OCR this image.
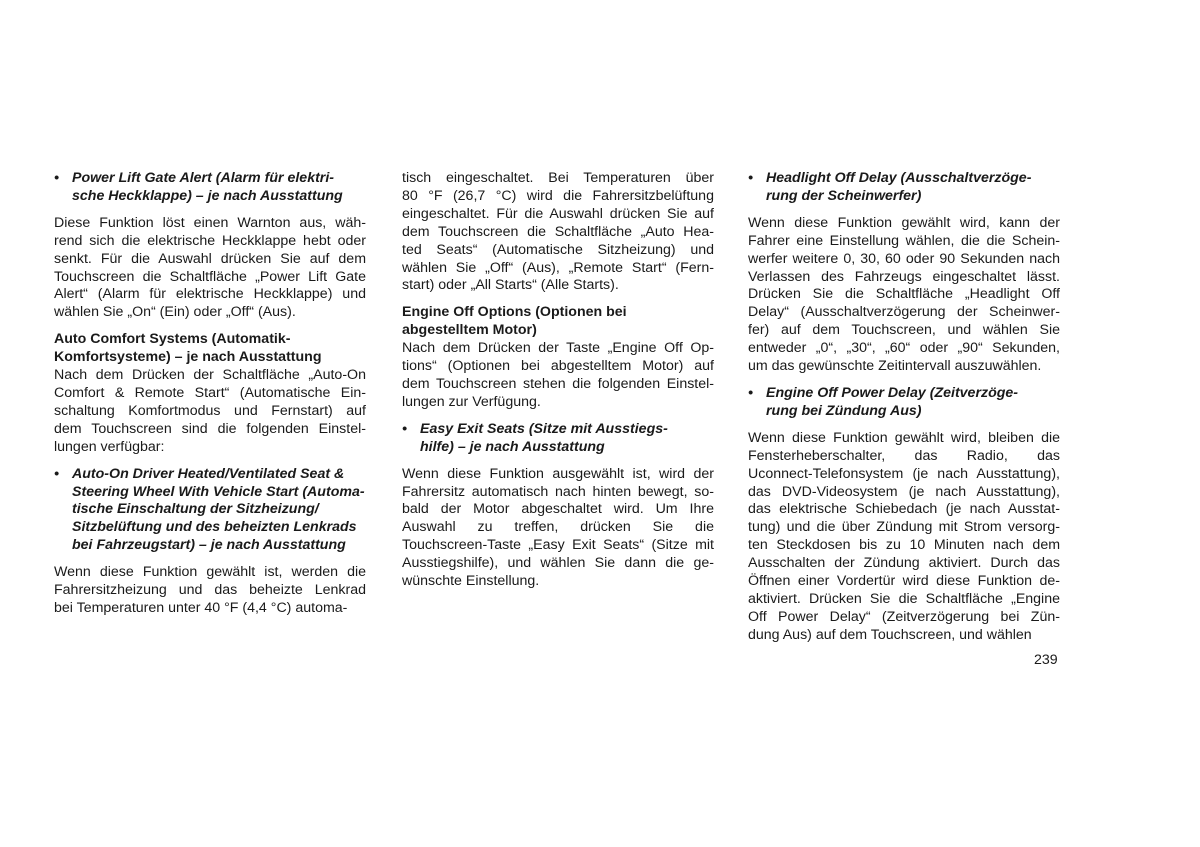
• Power Lift Gate Alert (Alarm für elektri-
sche Heckklappe) – je nach Ausstattung
Diese Funktion löst einen Warnton aus, wäh-
rend sich die elektrische Heckklappe hebt oder
senkt. Für die Auswahl drücken Sie auf dem
Touchscreen die Schaltfläche „Power Lift Gate
Alert“ (Alarm für elektrische Heckklappe) und
wählen Sie „On“ (Ein) oder „Off“ (Aus).
Auto Comfort Systems (Automatik-
Komfortsysteme) – je nach Ausstattung
Nach dem Drücken der Schaltfläche „Auto-On
Comfort & Remote Start“ (Automatische Ein-
schaltung Komfortmodus und Fernstart) auf
dem Touchscreen sind die folgenden Einstel-
lungen verfügbar:
• Auto-On Driver Heated/Ventilated Seat &
Steering Wheel With Vehicle Start (Automa-
tische Einschaltung der Sitzheizung/
Sitzbelüftung und des beheizten Lenkrads
bei Fahrzeugstart) – je nach Ausstattung
Wenn diese Funktion gewählt ist, werden die
Fahrersitzheizung und das beheizte Lenkrad
bei Temperaturen unter 40 °F (4,4 °C) automa-
tisch eingeschaltet. Bei Temperaturen über
80 °F (26,7 °C) wird die Fahrersitzbelüftung
eingeschaltet. Für die Auswahl drücken Sie auf
dem Touchscreen die Schaltfläche „Auto Hea-
ted Seats“ (Automatische Sitzheizung) und
wählen Sie „Off“ (Aus), „Remote Start“ (Fern-
start) oder „All Starts“ (Alle Starts).
Engine Off Options (Optionen bei
abgestelltem Motor)
Nach dem Drücken der Taste „Engine Off Op-
tions“ (Optionen bei abgestelltem Motor) auf
dem Touchscreen stehen die folgenden Einstel-
lungen zur Verfügung.
• Easy Exit Seats (Sitze mit Ausstiegs-
hilfe) – je nach Ausstattung
Wenn diese Funktion ausgewählt ist, wird der
Fahrersitz automatisch nach hinten bewegt, so-
bald der Motor abgeschaltet wird. Um Ihre
Auswahl zu treffen, drücken Sie die
Touchscreen-Taste „Easy Exit Seats“ (Sitze mit
Ausstiegshilfe), und wählen Sie dann die ge-
wünschte Einstellung.
• Headlight Off Delay (Ausschaltverzöge-
rung der Scheinwerfer)
Wenn diese Funktion gewählt wird, kann der
Fahrer eine Einstellung wählen, die die Schein-
werfer weitere 0, 30, 60 oder 90 Sekunden nach
Verlassen des Fahrzeugs eingeschaltet lässt.
Drücken Sie die Schaltfläche „Headlight Off
Delay“ (Ausschaltverzögerung der Scheinwer-
fer) auf dem Touchscreen, und wählen Sie
entweder „0“, „30“, „60“ oder „90“ Sekunden,
um das gewünschte Zeitintervall auszuwählen.
• Engine Off Power Delay (Zeitverzöge-
rung bei Zündung Aus)
Wenn diese Funktion gewählt wird, bleiben die
Fensterheberschalter, das Radio, das
Uconnect-Telefonsystem (je nach Ausstattung),
das DVD-Videosystem (je nach Ausstattung),
das elektrische Schiebedach (je nach Ausstat-
tung) und die über Zündung mit Strom versorg-
ten Steckdosen bis zu 10 Minuten nach dem
Ausschalten der Zündung aktiviert. Durch das
Öffnen einer Vordertür wird diese Funktion de-
aktiviert. Drücken Sie die Schaltfläche „Engine
Off Power Delay“ (Zeitverzögerung bei Zün-
dung Aus) auf dem Touchscreen, und wählen
239
